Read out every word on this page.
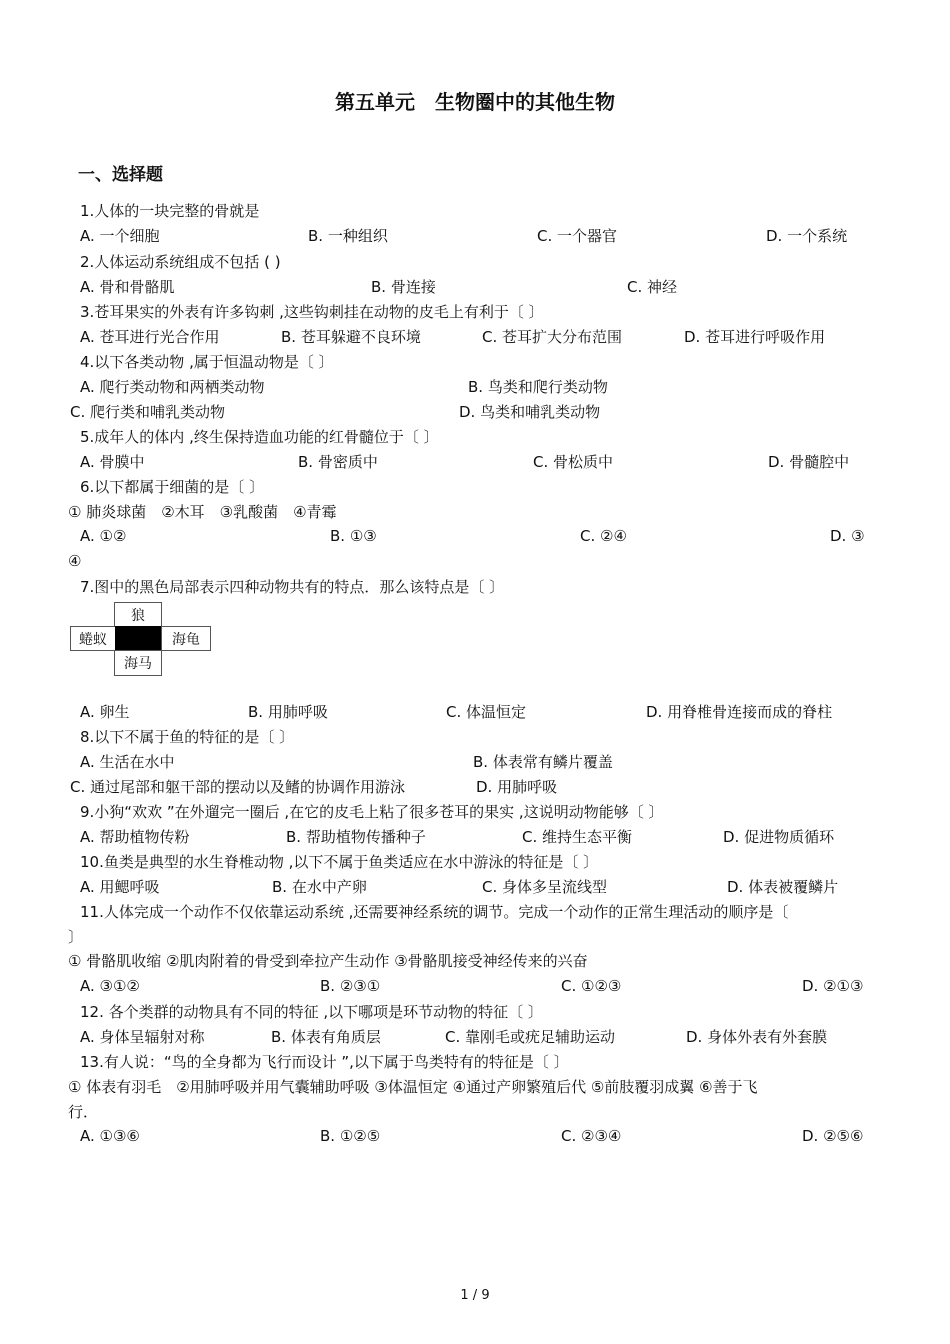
第五单元　生物圈中的其他生物
一、选择题
1.人体的一块完整的骨就是
A. 一个细胞	B. 一种组织	C. 一个器官	D. 一个系统
2.人体运动系统组成不包括 ( )
A. 骨和骨骼肌	B. 骨连接	C. 神经
3.苍耳果实的外表有许多钩刺 ,这些钩刺挂在动物的皮毛上有利于〔 〕
A. 苍耳进行光合作用	B. 苍耳躲避不良环境	C. 苍耳扩大分布范围	D. 苍耳进行呼吸作用
4.以下各类动物 ,属于恒温动物是〔 〕
A. 爬行类动物和两栖类动物	B. 鸟类和爬行类动物
C. 爬行类和哺乳类动物	D. 鸟类和哺乳类动物
5.成年人的体内 ,终生保持造血功能的红骨髓位于〔 〕
A. 骨膜中	B. 骨密质中	C. 骨松质中	D. 骨髓腔中
6.以下都属于细菌的是〔 〕
① 肺炎球菌　②木耳　③乳酸菌　④青霉
A. ①②	B. ①③	C. ②④	D. ③
④
7.图中的黑色局部表示四种动物共有的特点．那么该特点是〔 〕
A. 卵生	B. 用肺呼吸	C. 体温恒定	D. 用脊椎骨连接而成的脊柱
8.以下不属于鱼的特征的是〔 〕
A. 生活在水中	B. 体表常有鳞片覆盖
C. 通过尾部和躯干部的摆动以及鳍的协调作用游泳	D. 用肺呼吸
9.小狗“欢欢 ”在外遛完一圈后 ,在它的皮毛上粘了很多苍耳的果实 ,这说明动物能够〔 〕
A. 帮助植物传粉	B. 帮助植物传播种子	C. 维持生态平衡	D. 促进物质循环
10.鱼类是典型的水生脊椎动物 ,以下不属于鱼类适应在水中游泳的特征是〔 〕
A. 用鳃呼吸	B. 在水中产卵	C. 身体多呈流线型	D. 体表被覆鳞片
11.人体完成一个动作不仅依靠运动系统 ,还需要神经系统的调节。完成一个动作的正常生理活动的顺序是〔
〕
① 骨骼肌收缩 ②肌肉附着的骨受到牵拉产生动作 ③骨骼肌接受神经传来的兴奋
A. ③①②	B. ②③①	C. ①②③	D. ②①③
12. 各个类群的动物具有不同的特征 ,以下哪项是环节动物的特征〔 〕
A. 身体呈辐射对称	B. 体表有角质层	C. 靠刚毛或疣足辅助运动	D. 身体外表有外套膜
13.有人说：“鸟的全身都为飞行而设计 ”,以下属于鸟类特有的特征是〔 〕
① 体表有羽毛　②用肺呼吸并用气囊辅助呼吸 ③体温恒定 ④通过产卵繁殖后代 ⑤前肢覆羽成翼 ⑥善于飞
行．
A. ①③⑥	B. ①②⑤	C. ②③④	D. ②⑤⑥
狼
蜷蚁	海龟
海马
1 / 9
